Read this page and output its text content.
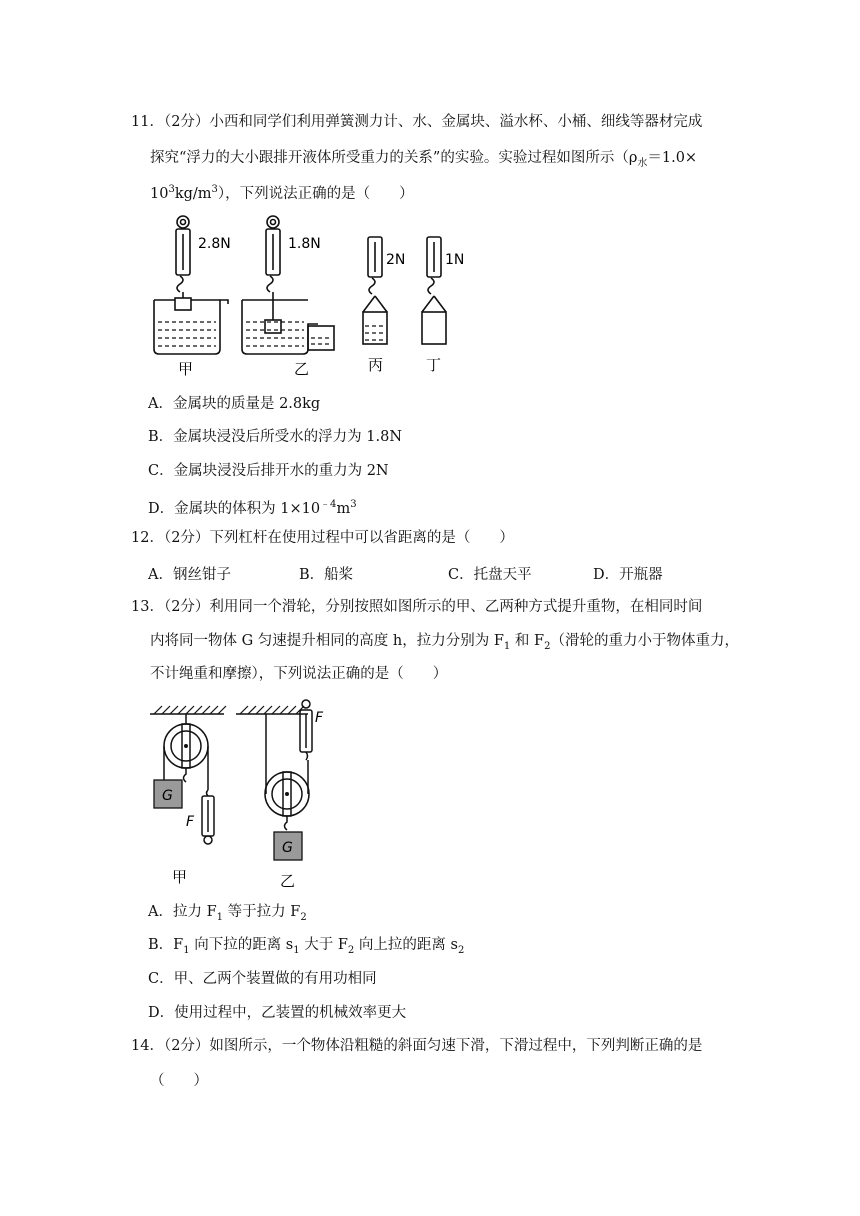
11．（2分）小西和同学们利用弹簧测力计、水、金属块、溢水杯、小桶、细线等器材完成
探究“浮力的大小跟排开液体所受重力的关系”的实验。实验过程如图所示（$\rho_水=1.0\times$
$10^3kg/m^3$），下列说法正确的是（　　）
2.8N	1.8N
2N	1N
甲	乙	丙	丁
A．金属块的质量是 2.8kg
B．金属块浸没后所受水的浮力为 1.8N
C．金属块浸没后排开水的重力为 2N
D．金属块的体积为 $1\times 10^{﹣4}m^3$
12．（2分）下列杠杆在使用过程中可以省距离的是（　　）
A．钢丝钳子	B．船桨	C．托盘天平	D．开瓶器
13．（2分）利用同一个滑轮，分别按照如图所示的甲、乙两种方式提升重物，在相同时间
内将同一物体 G 匀速提升相同的高度 h，拉力分别为 $F_1$ 和 $F_2$（滑轮的重力小于物体重力，
不计绳重和摩擦），下列说法正确的是（　　）
G
G
F
F
甲	乙
A．拉力 $F_1$ 等于拉力 $F_2$
B．$F_1$ 向下拉的距离 $s_1$ 大于 $F_2$ 向上拉的距离 $s_2$
C．甲、乙两个装置做的有用功相同
D．使用过程中，乙装置的机械效率更大
14．（2分）如图所示，一个物体沿粗糙的斜面匀速下滑，下滑过程中，下列判断正确的是
（　　）
